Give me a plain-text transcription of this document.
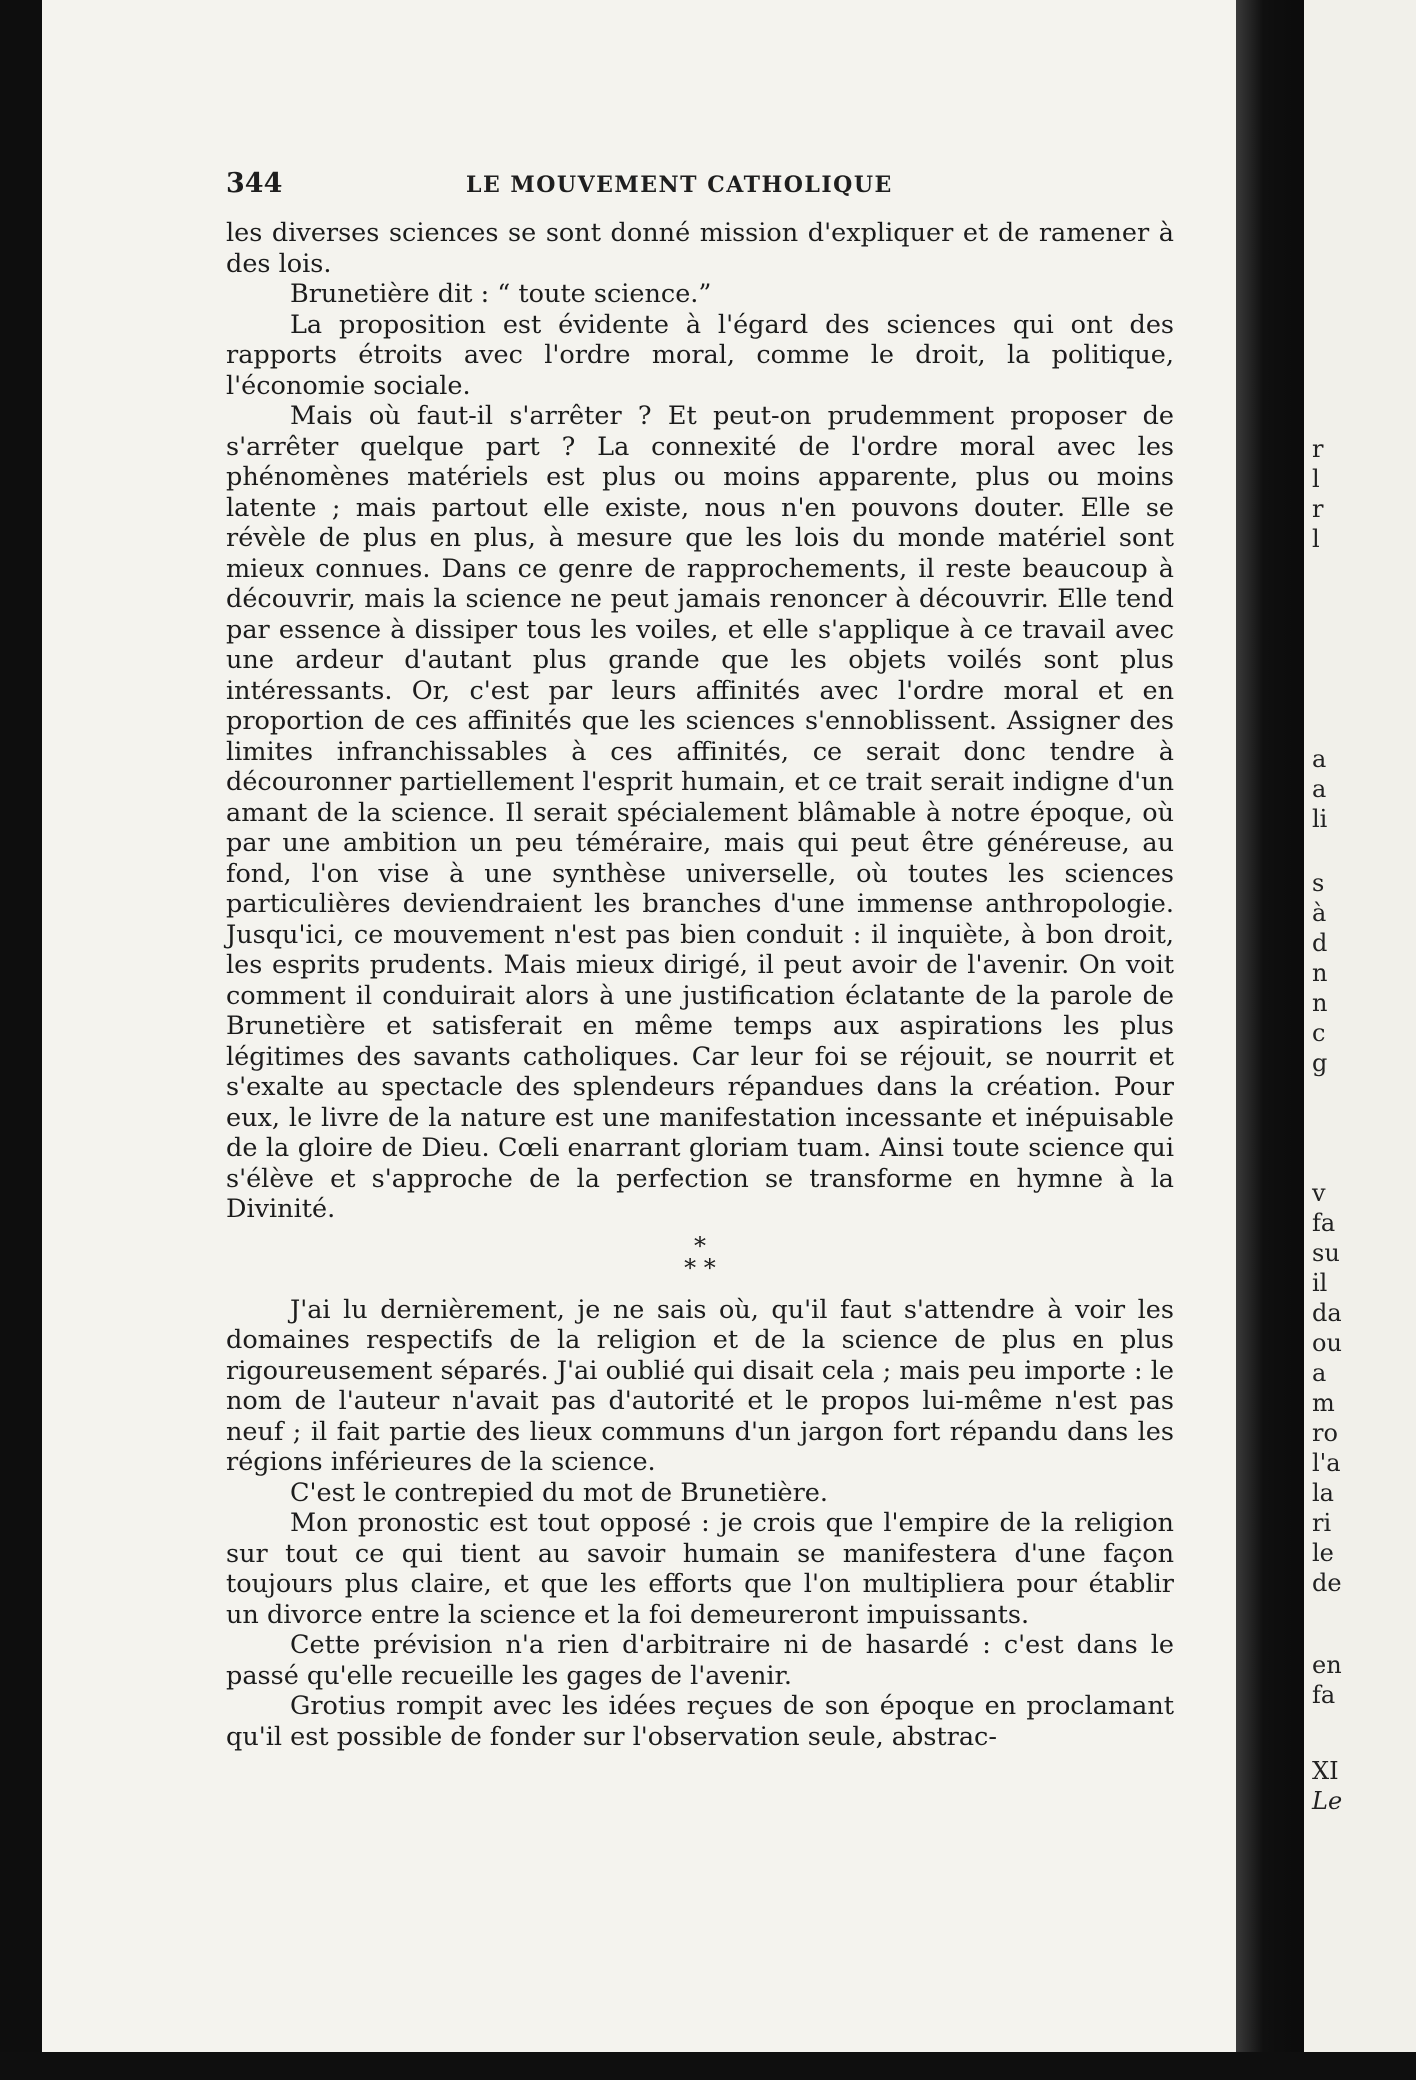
344	LE MOUVEMENT CATHOLIQUE

les diverses sciences se sont donné mission d'expliquer et de ramener à des lois.

Brunetière dit : “ toute science.”

La proposition est évidente à l'égard des sciences qui ont des rapports étroits avec l'ordre moral, comme le droit, la politique, l'économie sociale.

Mais où faut-il s'arrêter ? Et peut-on prudemment proposer de s'arrêter quelque part ? La connexité de l'ordre moral avec les phénomènes matériels est plus ou moins apparente, plus ou moins latente ; mais partout elle existe, nous n'en pouvons douter. Elle se révèle de plus en plus, à mesure que les lois du monde matériel sont mieux connues. Dans ce genre de rapprochements, il reste beaucoup à découvrir, mais la science ne peut jamais renoncer à découvrir. Elle tend par essence à dissiper tous les voiles, et elle s'applique à ce travail avec une ardeur d'autant plus grande que les objets voilés sont plus intéressants. Or, c'est par leurs affinités avec l'ordre moral et en proportion de ces affinités que les sciences s'ennoblissent. Assigner des limites infranchissables à ces affinités, ce serait donc tendre à découronner partiellement l'esprit humain, et ce trait serait indigne d'un amant de la science. Il serait spécialement blâmable à notre époque, où par une ambition un peu téméraire, mais qui peut être généreuse, au fond, l'on vise à une synthèse universelle, où toutes les sciences particulières deviendraient les branches d'une immense anthropologie. Jusqu'ici, ce mouvement n'est pas bien conduit : il inquiète, à bon droit, les esprits prudents. Mais mieux dirigé, il peut avoir de l'avenir. On voit comment il conduirait alors à une justification éclatante de la parole de Brunetière et satisferait en même temps aux aspirations les plus légitimes des savants catholiques. Car leur foi se réjouit, se nourrit et s'exalte au spectacle des splendeurs répandues dans la création. Pour eux, le livre de la nature est une manifestation incessante et inépuisable de la gloire de Dieu. Cœli enarrant gloriam tuam. Ainsi toute science qui s'élève et s'approche de la perfection se transforme en hymne à la Divinité.

*
* *

J'ai lu dernièrement, je ne sais où, qu'il faut s'attendre à voir les domaines respectifs de la religion et de la science de plus en plus rigoureusement séparés. J'ai oublié qui disait cela ; mais peu importe : le nom de l'auteur n'avait pas d'autorité et le propos lui-même n'est pas neuf ; il fait partie des lieux communs d'un jargon fort répandu dans les régions inférieures de la science.

C'est le contrepied du mot de Brunetière.

Mon pronostic est tout opposé : je crois que l'empire de la religion sur tout ce qui tient au savoir humain se manifestera d'une façon toujours plus claire, et que les efforts que l'on multipliera pour établir un divorce entre la science et la foi demeureront impuissants.

Cette prévision n'a rien d'arbitraire ni de hasardé : c'est dans le passé qu'elle recueille les gages de l'avenir.

Grotius rompit avec les idées reçues de son époque en proclamant qu'il est possible de fonder sur l'observation seule, abstrac-

r
l
r
l
a
a
li
s
à
d
n
n
c
g
v
fa
su
il
da
ou
a
m
ro
l'a
la
ri
le
de
en
fa
XI
Le
